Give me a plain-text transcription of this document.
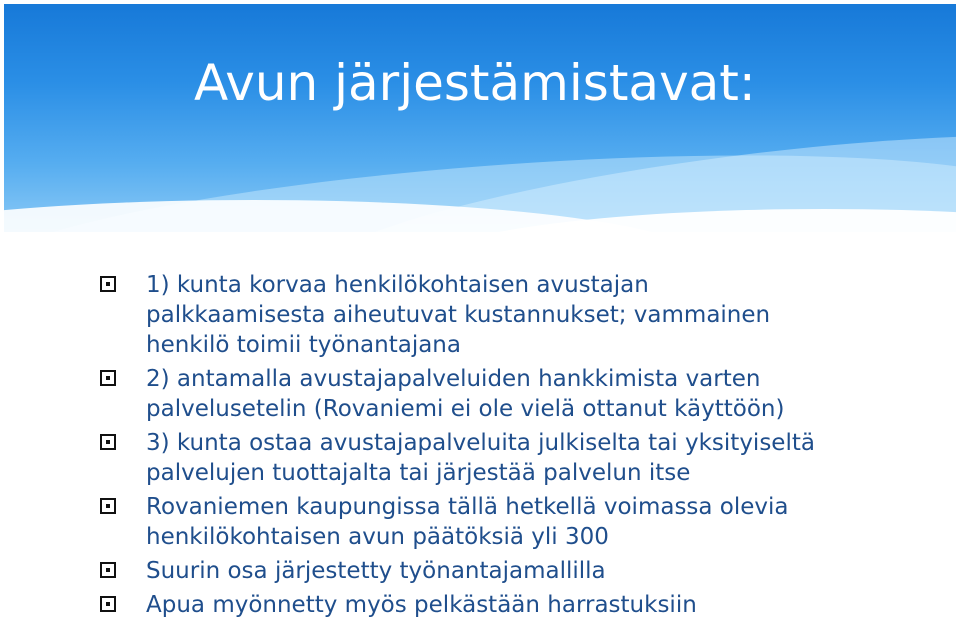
Avun järjestämistavat:
1) kunta korvaa henkilökohtaisen avustajan
palkkaamisesta aiheutuvat kustannukset; vammainen
henkilö toimii työnantajana
2) antamalla avustajapalveluiden hankkimista varten
palvelusetelin (Rovaniemi ei ole vielä ottanut käyttöön)
3) kunta ostaa avustajapalveluita julkiselta tai yksityiseltä
palvelujen tuottajalta tai järjestää palvelun itse
Rovaniemen kaupungissa tällä hetkellä voimassa olevia
henkilökohtaisen avun päätöksiä yli 300
Suurin osa järjestetty työnantajamallilla
Apua myönnetty myös pelkästään harrastuksiin
